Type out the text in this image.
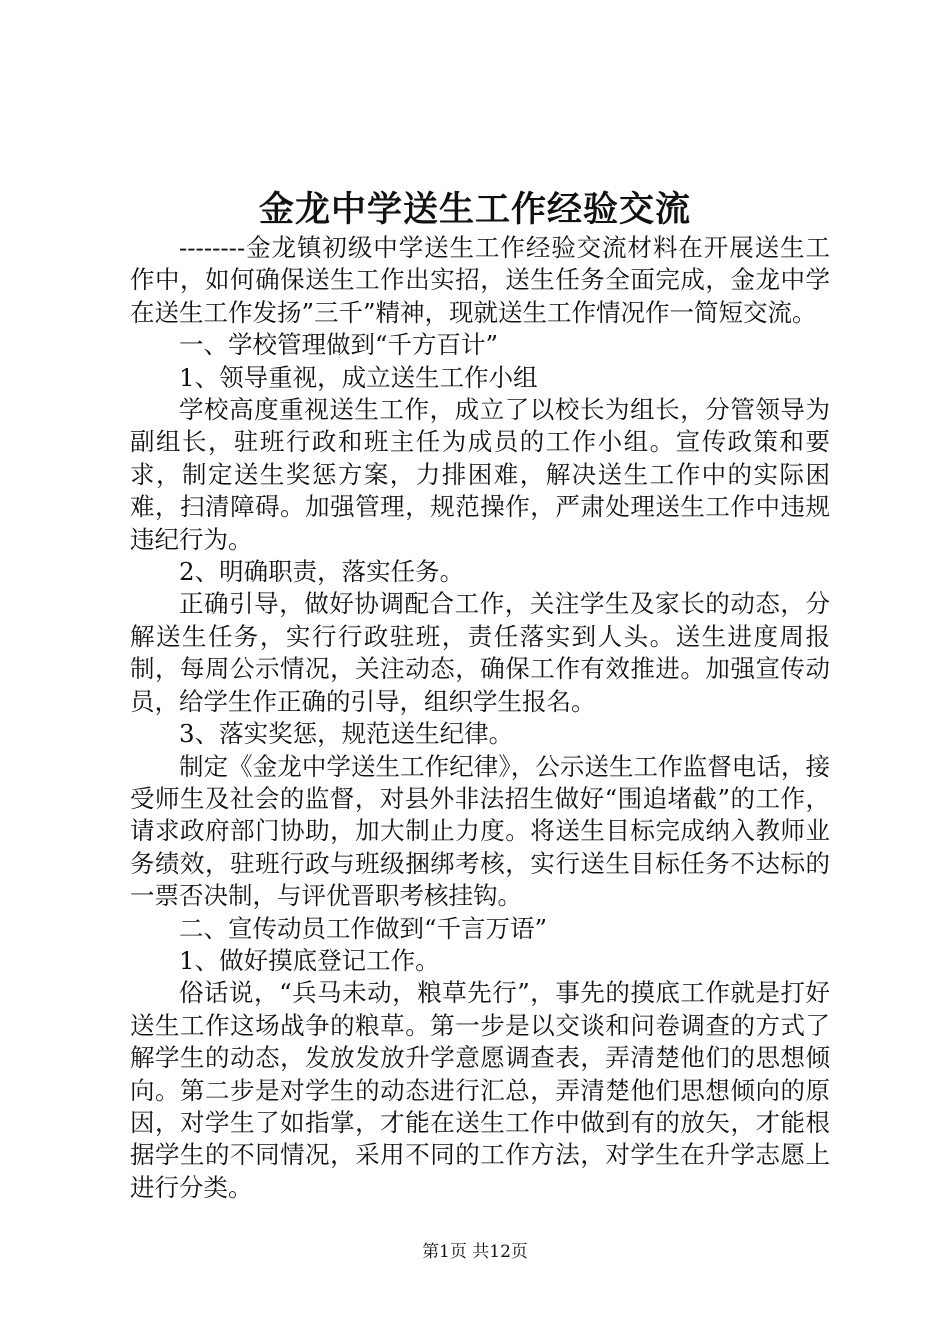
金龙中学送生工作经验交流

--------金龙镇初级中学送生工作经验交流材料在开展送生工作中，如何确保送生工作出实招，送生任务全面完成，金龙中学在送生工作发扬”三千”精神，现就送生工作情况作一简短交流。

一、学校管理做到“千方百计”

1、领导重视，成立送生工作小组

学校高度重视送生工作，成立了以校长为组长，分管领导为副组长，驻班行政和班主任为成员的工作小组。宣传政策和要求，制定送生奖惩方案，力排困难，解决送生工作中的实际困难，扫清障碍。加强管理，规范操作，严肃处理送生工作中违规违纪行为。

2、明确职责，落实任务。

正确引导，做好协调配合工作，关注学生及家长的动态，分解送生任务，实行行政驻班，责任落实到人头。送生进度周报制，每周公示情况，关注动态，确保工作有效推进。加强宣传动员，给学生作正确的引导，组织学生报名。

3、落实奖惩，规范送生纪律。

制定《金龙中学送生工作纪律》，公示送生工作监督电话，接受师生及社会的监督，对县外非法招生做好“围追堵截”的工作，请求政府部门协助，加大制止力度。将送生目标完成纳入教师业务绩效，驻班行政与班级捆绑考核，实行送生目标任务不达标的一票否决制，与评优晋职考核挂钩。

二、宣传动员工作做到“千言万语”

1、做好摸底登记工作。

俗话说，“兵马未动，粮草先行”，事先的摸底工作就是打好送生工作这场战争的粮草。第一步是以交谈和问卷调查的方式了解学生的动态，发放发放升学意愿调查表，弄清楚他们的思想倾向。第二步是对学生的动态进行汇总，弄清楚他们思想倾向的原因，对学生了如指掌，才能在送生工作中做到有的放矢，才能根据学生的不同情况，采用不同的工作方法，对学生在升学志愿上进行分类。

第1页 共12页
